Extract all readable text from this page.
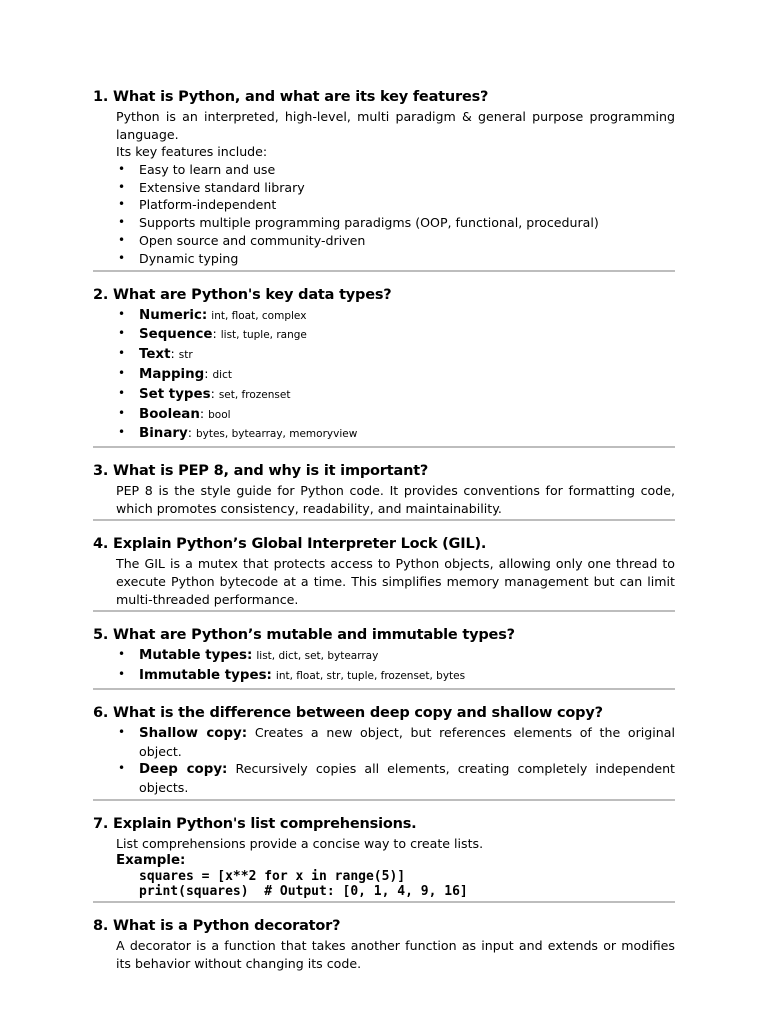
1. What is Python, and what are its key features?

Python is an interpreted, high-level, multi paradigm & general purpose programming language.

Its key features include:

• Easy to learn and use
• Extensive standard library
• Platform-independent
• Supports multiple programming paradigms (OOP, functional, procedural)
• Open source and community-driven
• Dynamic typing
2. What are Python's key data types?
• Numeric: int, float, complex
• Sequence: list, tuple, range
• Text: str
• Mapping: dict
• Set types: set, frozenset
• Boolean: bool
• Binary: bytes, bytearray, memoryview
3. What is PEP 8, and why is it important?

PEP 8 is the style guide for Python code. It provides conventions for formatting code, which promotes consistency, readability, and maintainability.

4. Explain Python’s Global Interpreter Lock (GIL).

The GIL is a mutex that protects access to Python objects, allowing only one thread to execute Python bytecode at a time. This simplifies memory management but can limit multi-threaded performance.

5. What are Python’s mutable and immutable types?
• Mutable types: list, dict, set, bytearray
• Immutable types: int, float, str, tuple, frozenset, bytes
6. What is the difference between deep copy and shallow copy?
• Shallow copy: Creates a new object, but references elements of the original object.
• Deep copy: Recursively copies all elements, creating completely independent objects.
7. Explain Python's list comprehensions.

List comprehensions provide a concise way to create lists.

Example:
squares = [x**2 for x in range(5)]
print(squares)  # Output: [0, 1, 4, 9, 16]
8. What is a Python decorator?

A decorator is a function that takes another function as input and extends or modifies its behavior without changing its code.
